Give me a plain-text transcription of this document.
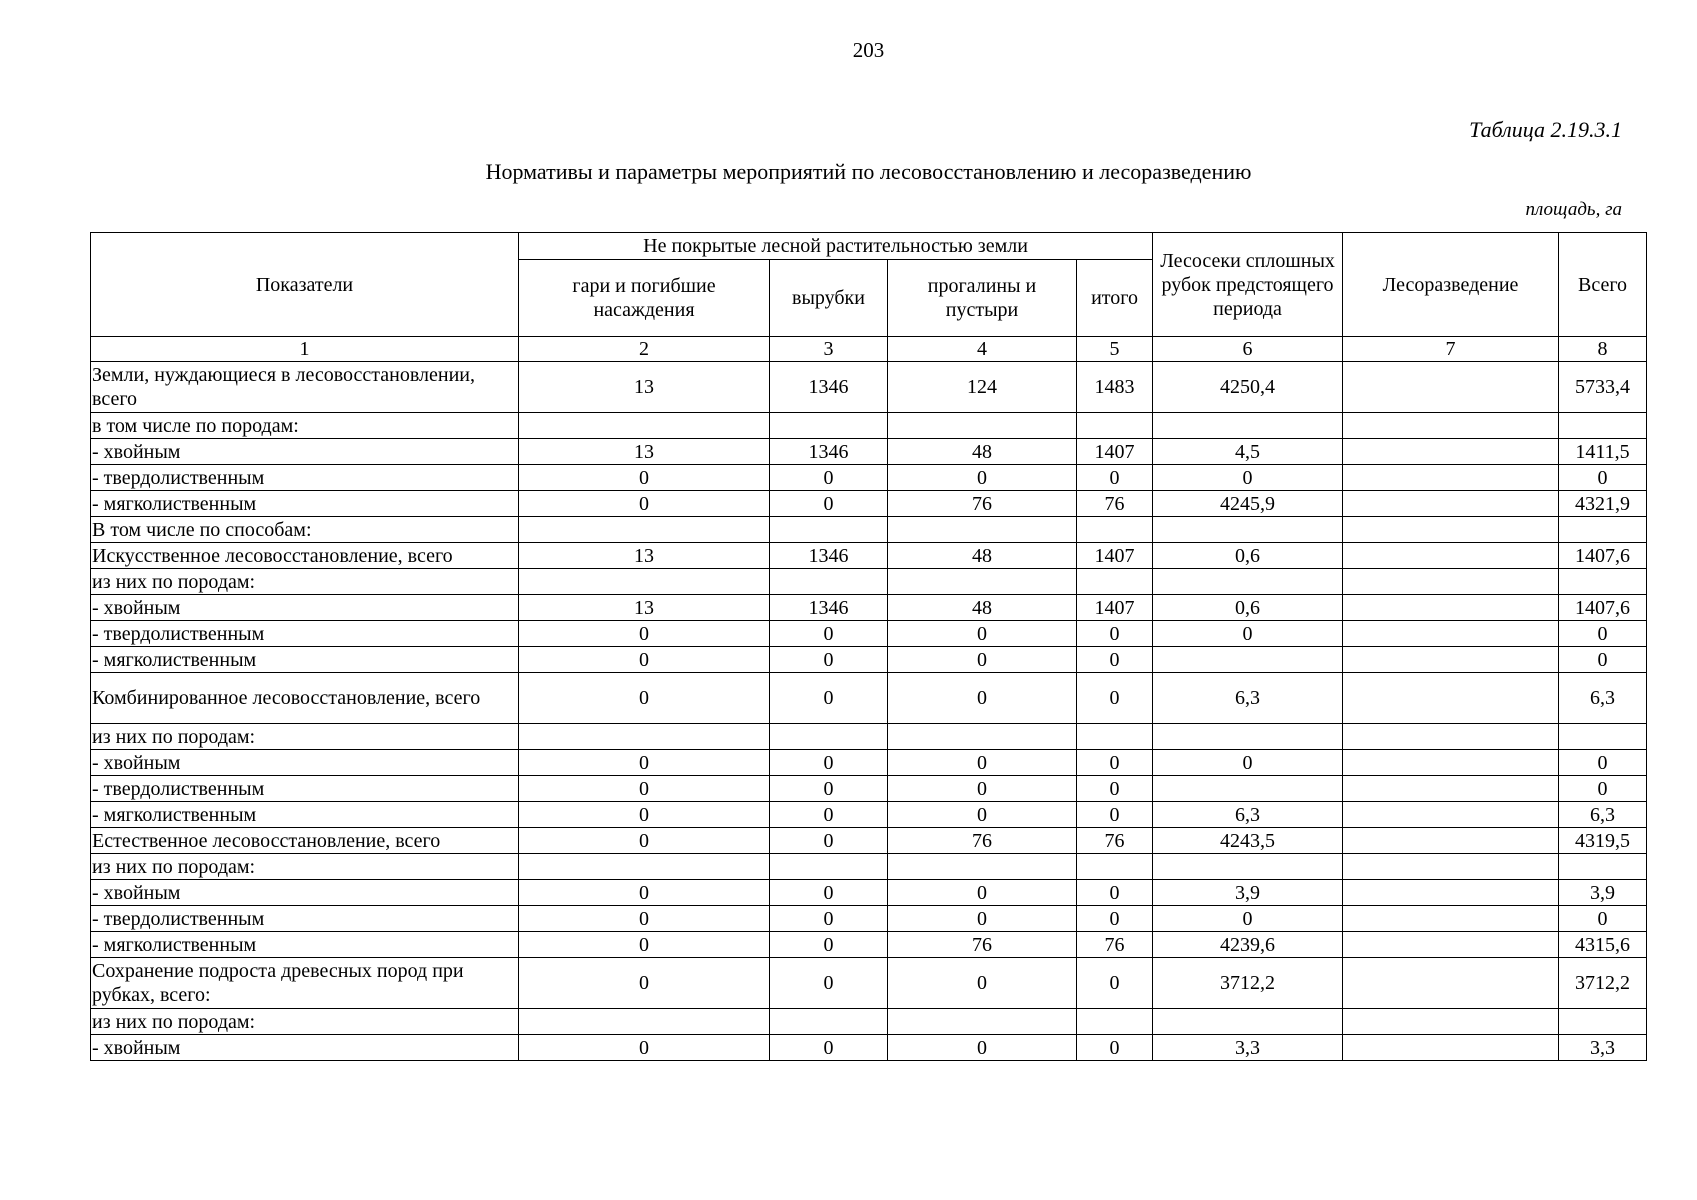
203
Таблица 2.19.3.1
Нормативы и параметры мероприятий по лесовосстановлению и лесоразведению
площадь, га
Показатели	Не покрытые лесной растительностью земли				Лесосеки сплошных рубок предстоящего периода	Лесоразведение	Всего
	гари и погибшие насаждения	вырубки	прогалины и пустыри	итого			
1	2	3	4	5	6	7	8
Земли, нуждающиеся в лесовосстановлении, всего	13	1346	124	1483	4250,4		5733,4
в том числе по породам:							
- хвойным	13	1346	48	1407	4,5		1411,5
- твердолиственным	0	0	0	0	0		0
- мягколиственным	0	0	76	76	4245,9		4321,9
В том числе по способам:							
Искусственное лесовосстановление, всего	13	1346	48	1407	0,6		1407,6
из них по породам:							
- хвойным	13	1346	48	1407	0,6		1407,6
- твердолиственным	0	0	0	0	0		0
- мягколиственным	0	0	0	0			0
Комбинированное лесовосстановление, всего	0	0	0	0	6,3		6,3
из них по породам:							
- хвойным	0	0	0	0	0		0
- твердолиственным	0	0	0	0			0
- мягколиственным	0	0	0	0	6,3		6,3
Естественное лесовосстановление, всего	0	0	76	76	4243,5		4319,5
из них по породам:							
- хвойным	0	0	0	0	3,9		3,9
- твердолиственным	0	0	0	0	0		0
- мягколиственным	0	0	76	76	4239,6		4315,6
Сохранение подроста древесных пород при рубках, всего:	0	0	0	0	3712,2		3712,2
из них по породам:							
- хвойным	0	0	0	0	3,3		3,3
